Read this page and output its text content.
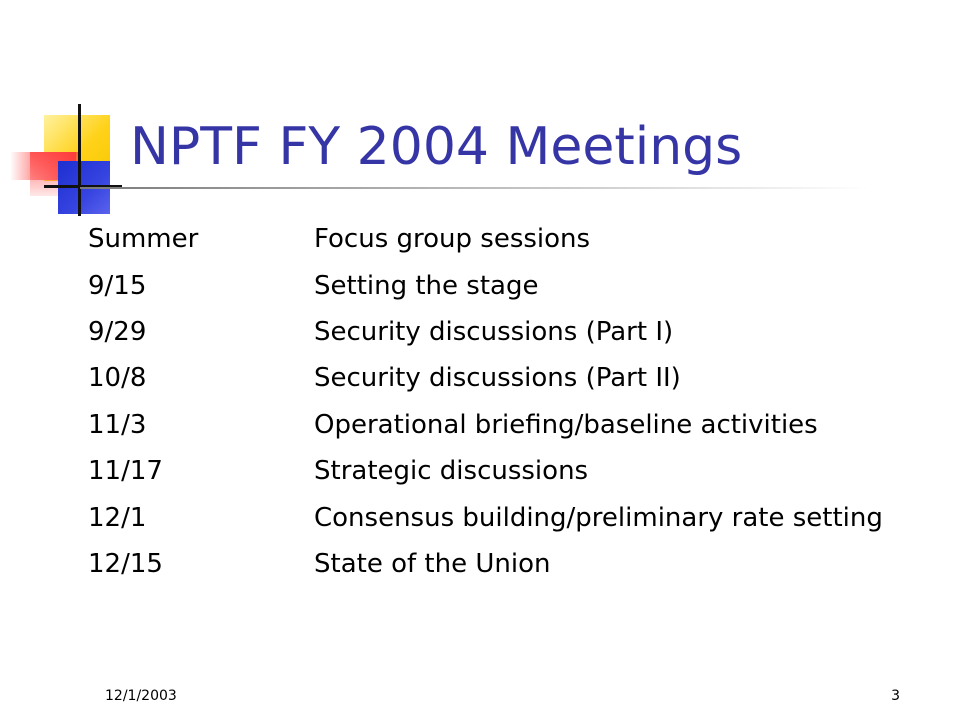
NPTF FY 2004 Meetings
Summer	Focus group sessions
9/15	Setting the stage
9/29	Security discussions (Part I)
10/8	Security discussions (Part II)
11/3	Operational briefing/baseline activities
11/17	Strategic discussions
12/1	Consensus building/preliminary rate setting
12/15	State of the Union
12/1/2003	3
